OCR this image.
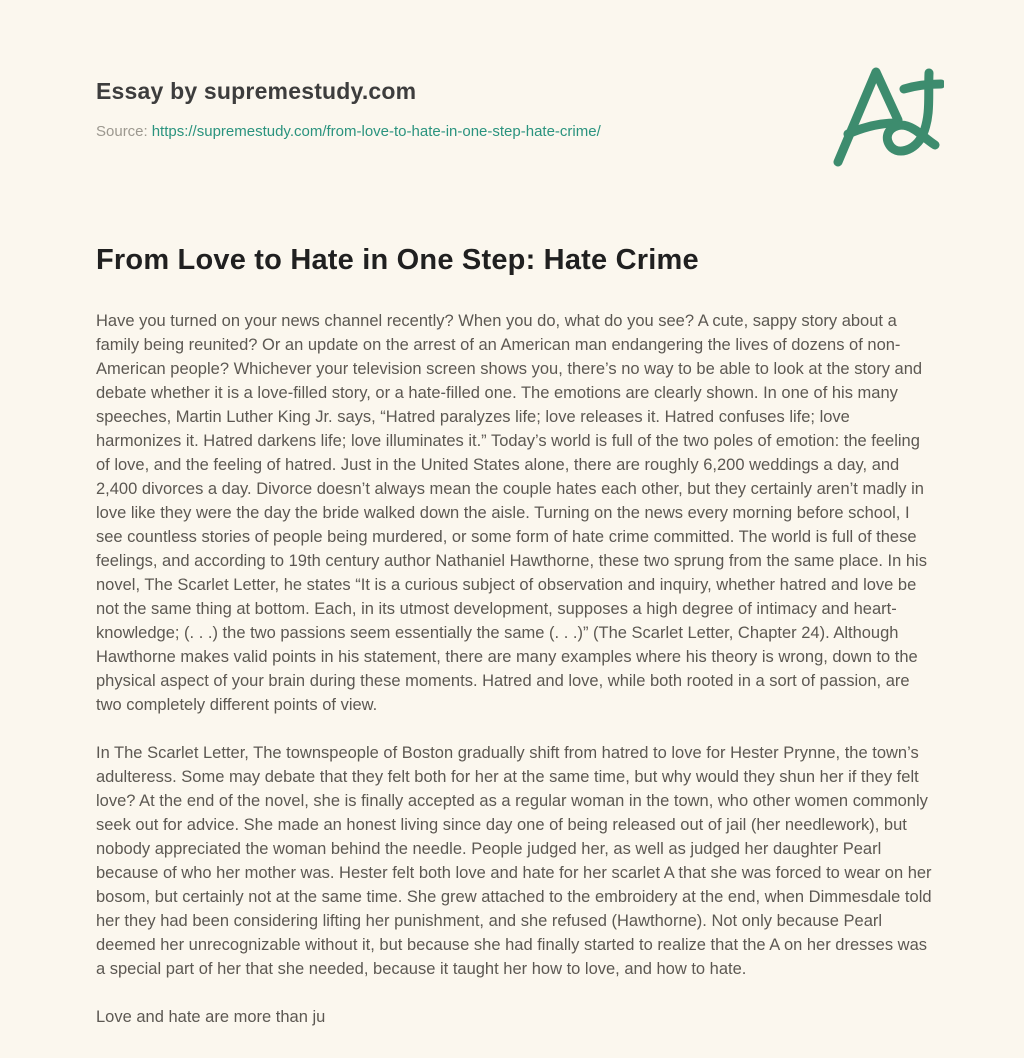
Essay by supremestudy.com
Source: https://supremestudy.com/from-love-to-hate-in-one-step-hate-crime/
From Love to Hate in One Step: Hate Crime

Have you turned on your news channel recently? When you do, what do you see? A cute, sappy story about a family being reunited? Or an update on the arrest of an American man endangering the lives of dozens of non-American people? Whichever your television screen shows you, there’s no way to be able to look at the story and debate whether it is a love-filled story, or a hate-filled one. The emotions are clearly shown. In one of his many speeches, Martin Luther King Jr. says, “Hatred paralyzes life; love releases it. Hatred confuses life; love harmonizes it. Hatred darkens life; love illuminates it.” Today’s world is full of the two poles of emotion: the feeling of love, and the feeling of hatred. Just in the United States alone, there are roughly 6,200 weddings a day, and 2,400 divorces a day. Divorce doesn’t always mean the couple hates each other, but they certainly aren’t madly in love like they were the day the bride walked down the aisle. Turning on the news every morning before school, I see countless stories of people being murdered, or some form of hate crime committed. The world is full of these feelings, and according to 19th century author Nathaniel Hawthorne, these two sprung from the same place. In his novel, The Scarlet Letter, he states “It is a curious subject of observation and inquiry, whether hatred and love be not the same thing at bottom. Each, in its utmost development, supposes a high degree of intimacy and heart-knowledge; (. . .) the two passions seem essentially the same (. . .)” (The Scarlet Letter, Chapter 24). Although Hawthorne makes valid points in his statement, there are many examples where his theory is wrong, down to the physical aspect of your brain during these moments. Hatred and love, while both rooted in a sort of passion, are two completely different points of view.

In The Scarlet Letter, The townspeople of Boston gradually shift from hatred to love for Hester Prynne, the town’s adulteress. Some may debate that they felt both for her at the same time, but why would they shun her if they felt love? At the end of the novel, she is finally accepted as a regular woman in the town, who other women commonly seek out for advice. She made an honest living since day one of being released out of jail (her needlework), but nobody appreciated the woman behind the needle. People judged her, as well as judged her daughter Pearl because of who her mother was. Hester felt both love and hate for her scarlet A that she was forced to wear on her bosom, but certainly not at the same time. She grew attached to the embroidery at the end, when Dimmesdale told her they had been considering lifting her punishment, and she refused (Hawthorne). Not only because Pearl deemed her unrecognizable without it, but because she had finally started to realize that the A on her dresses was a special part of her that she needed, because it taught her how to love, and how to hate.

Love and hate are more than ju
